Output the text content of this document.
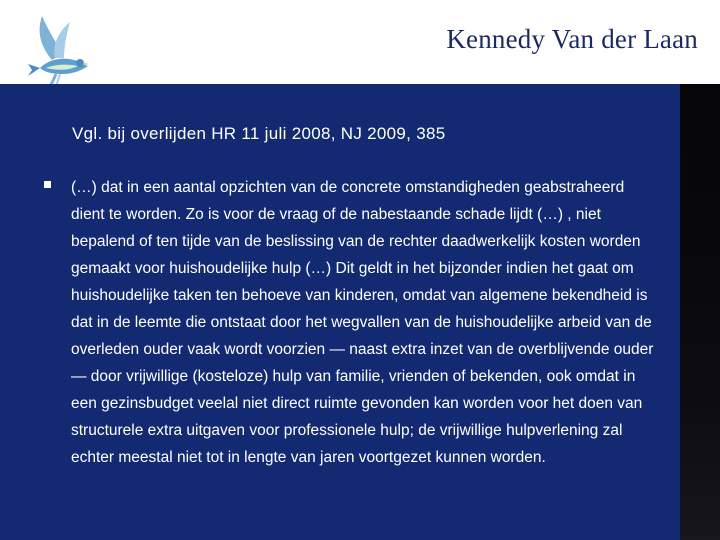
Kennedy Van der Laan
Vgl. bij overlijden HR 11 juli 2008, NJ 2009, 385

(…) dat in een aantal opzichten van de concrete omstandigheden geabstraheerd dient te worden. Zo is voor de vraag of de nabestaande schade lijdt (…) , niet bepalend of ten tijde van de beslissing van de rechter daadwerkelijk kosten worden gemaakt voor huishoudelijke hulp (…) Dit geldt in het bijzonder indien het gaat om huishoudelijke taken ten behoeve van kinderen, omdat van algemene bekendheid is dat in de leemte die ontstaat door het wegvallen van de huishoudelijke arbeid van de overleden ouder vaak wordt voorzien — naast extra inzet van de overblijvende ouder — door vrijwillige (kosteloze) hulp van familie, vrienden of bekenden, ook omdat in een gezinsbudget veelal niet direct ruimte gevonden kan worden voor het doen van structurele extra uitgaven voor professionele hulp; de vrijwillige hulpverlening zal echter meestal niet tot in lengte van jaren voortgezet kunnen worden.
